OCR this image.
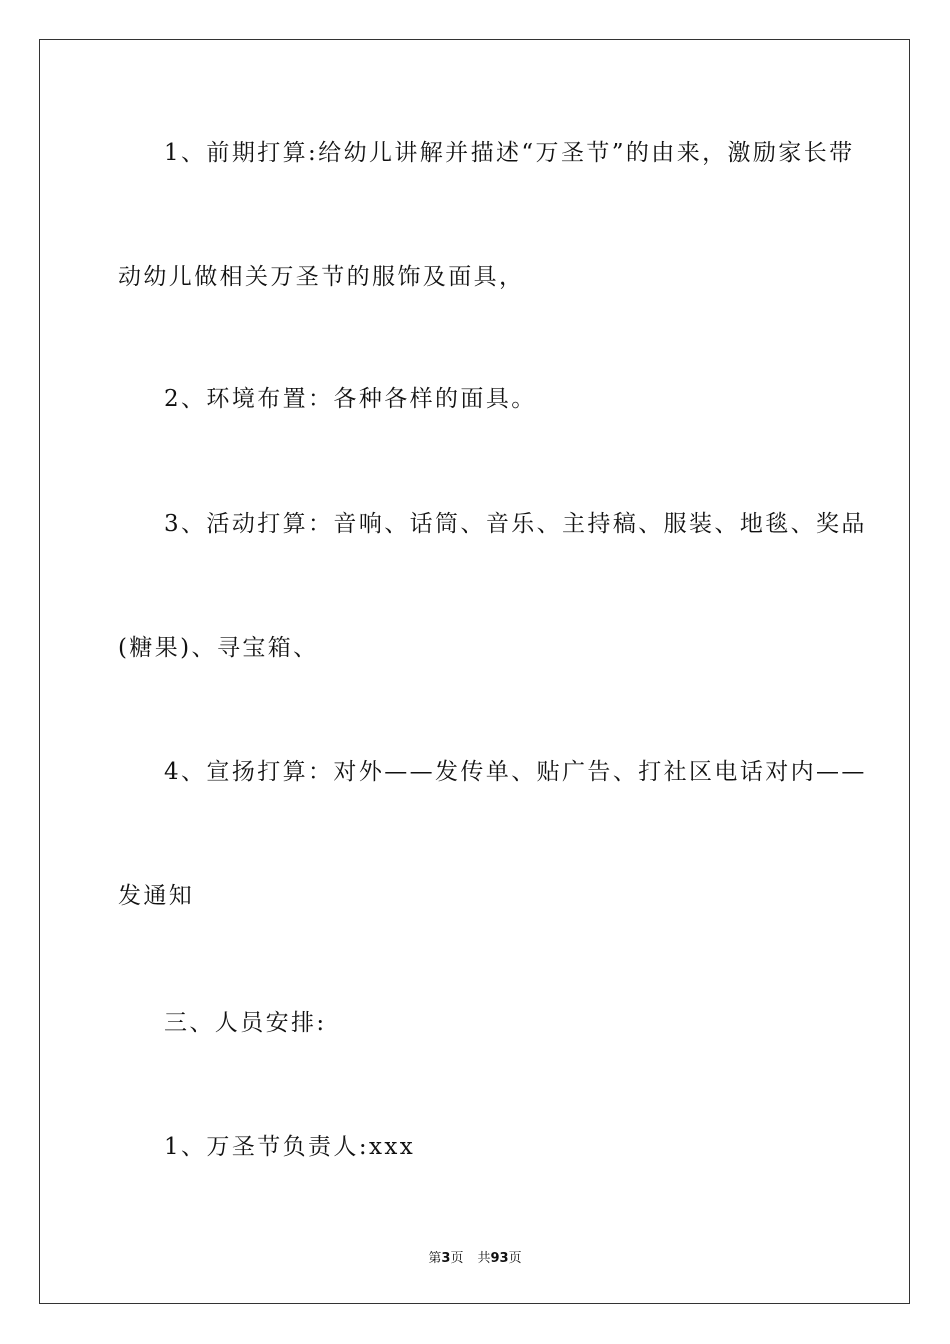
1、前期打算:给幼儿讲解并描述“万圣节”的由来，激励家长带
动幼儿做相关万圣节的服饰及面具，
2、环境布置：各种各样的面具。
3、活动打算：音响、话筒、音乐、主持稿、服装、地毯、奖品
(糖果)、寻宝箱、
4、宣扬打算：对外——发传单、贴广告、打社区电话对内——
发通知
三、人员安排:
1、万圣节负责人:xxx
第3页 共93页
